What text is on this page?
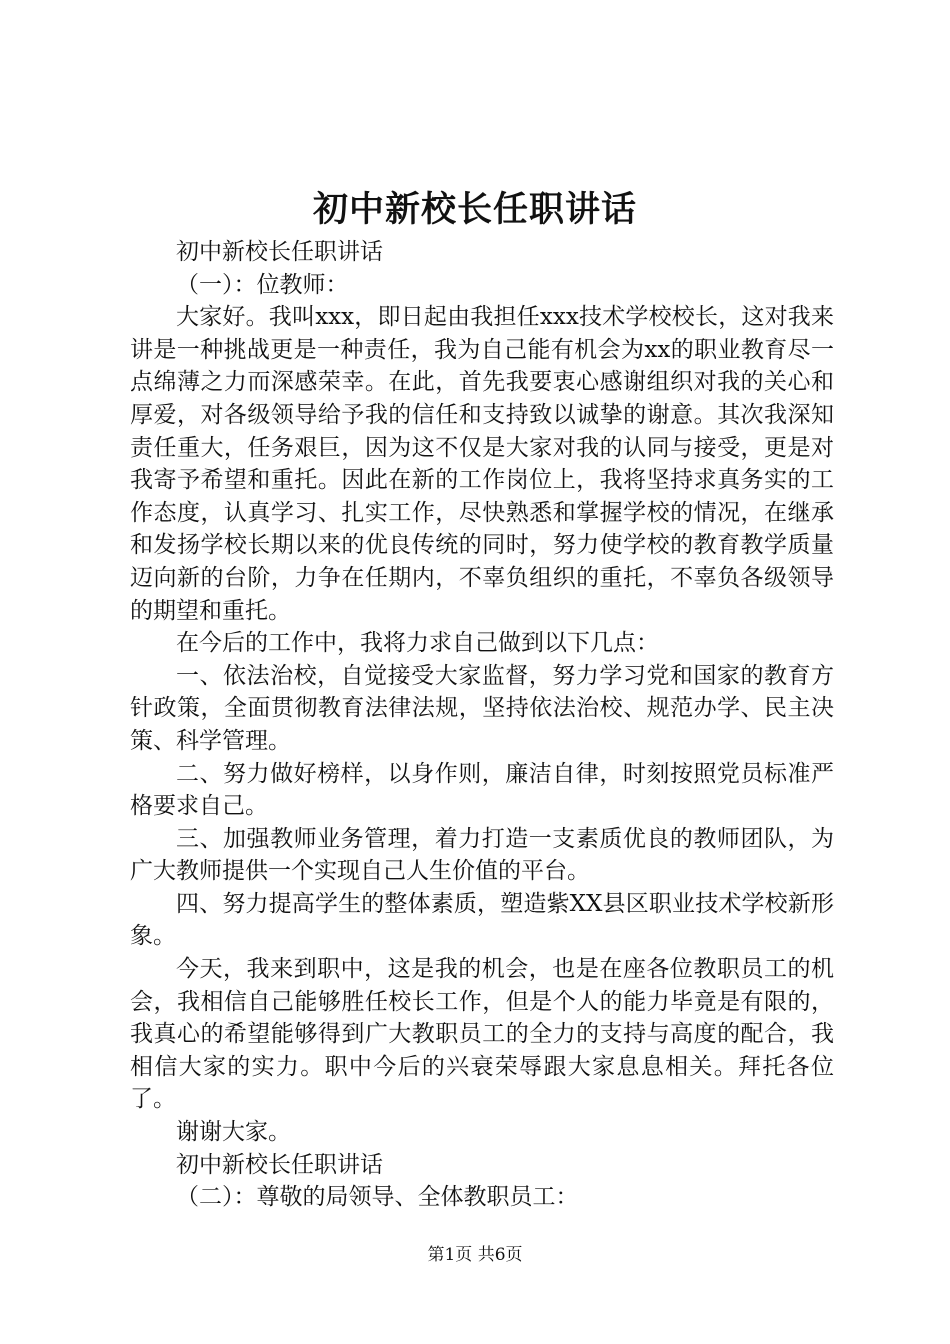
初中新校长任职讲话

初中新校长任职讲话

（一）：位教师：

大家好。我叫xxx，即日起由我担任xxx技术学校校长，这对我来讲是一种挑战更是一种责任，我为自己能有机会为xx的职业教育尽一点绵薄之力而深感荣幸。在此，首先我要衷心感谢组织对我的关心和厚爱，对各级领导给予我的信任和支持致以诚挚的谢意。其次我深知责任重大，任务艰巨，因为这不仅是大家对我的认同与接受，更是对我寄予希望和重托。因此在新的工作岗位上，我将坚持求真务实的工作态度，认真学习、扎实工作，尽快熟悉和掌握学校的情况，在继承和发扬学校长期以来的优良传统的同时，努力使学校的教育教学质量迈向新的台阶，力争在任期内，不辜负组织的重托，不辜负各级领导的期望和重托。

在今后的工作中，我将力求自己做到以下几点：

一、依法治校，自觉接受大家监督，努力学习党和国家的教育方针政策，全面贯彻教育法律法规，坚持依法治校、规范办学、民主决策、科学管理。

二、努力做好榜样，以身作则，廉洁自律，时刻按照党员标准严格要求自己。

三、加强教师业务管理，着力打造一支素质优良的教师团队，为广大教师提供一个实现自己人生价值的平台。

四、努力提高学生的整体素质，塑造紫XX县区职业技术学校新形象。

今天，我来到职中，这是我的机会，也是在座各位教职员工的机会，我相信自己能够胜任校长工作，但是个人的能力毕竟是有限的，我真心的希望能够得到广大教职员工的全力的支持与高度的配合，我相信大家的实力。职中今后的兴衰荣辱跟大家息息相关。拜托各位了。

谢谢大家。

初中新校长任职讲话

（二）：尊敬的局领导、全体教职员工：

第1页 共6页
